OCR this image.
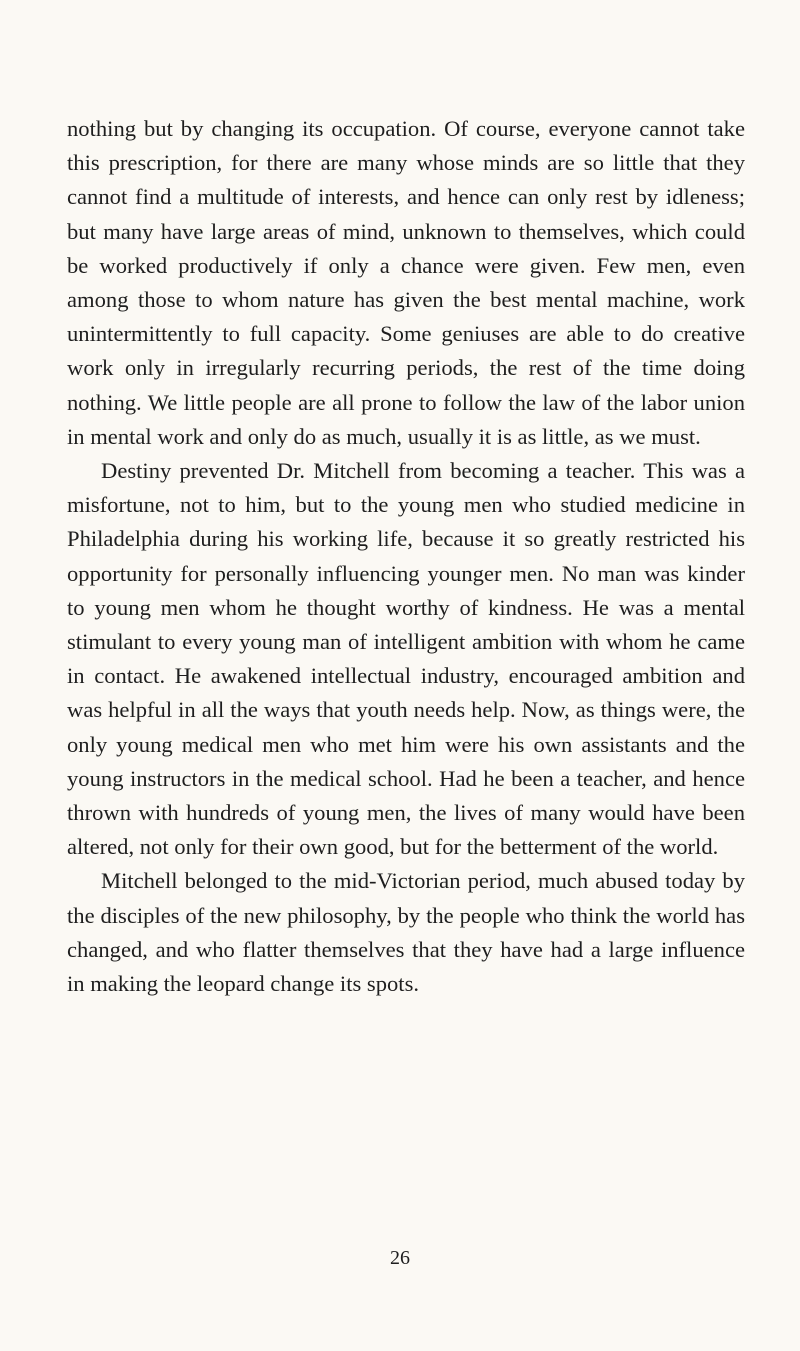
nothing but by changing its occupation. Of course, everyone cannot take this prescription, for there are many whose minds are so little that they cannot find a multitude of interests, and hence can only rest by idleness; but many have large areas of mind, unknown to themselves, which could be worked productively if only a chance were given. Few men, even among those to whom nature has given the best mental machine, work unintermittently to full capacity. Some geniuses are able to do creative work only in irregularly recurring periods, the rest of the time doing nothing. We little people are all prone to follow the law of the labor union in mental work and only do as much, usually it is as little, as we must.

Destiny prevented Dr. Mitchell from becoming a teacher. This was a misfortune, not to him, but to the young men who studied medicine in Philadelphia during his working life, because it so greatly restricted his opportunity for personally influencing younger men. No man was kinder to young men whom he thought worthy of kindness. He was a mental stimulant to every young man of intelligent ambition with whom he came in contact. He awakened intellectual industry, encouraged ambition and was helpful in all the ways that youth needs help. Now, as things were, the only young medical men who met him were his own assistants and the young instructors in the medical school. Had he been a teacher, and hence thrown with hundreds of young men, the lives of many would have been altered, not only for their own good, but for the betterment of the world.

Mitchell belonged to the mid-Victorian period, much abused today by the disciples of the new philosophy, by the people who think the world has changed, and who flatter themselves that they have had a large influence in making the leopard change its spots.

26
